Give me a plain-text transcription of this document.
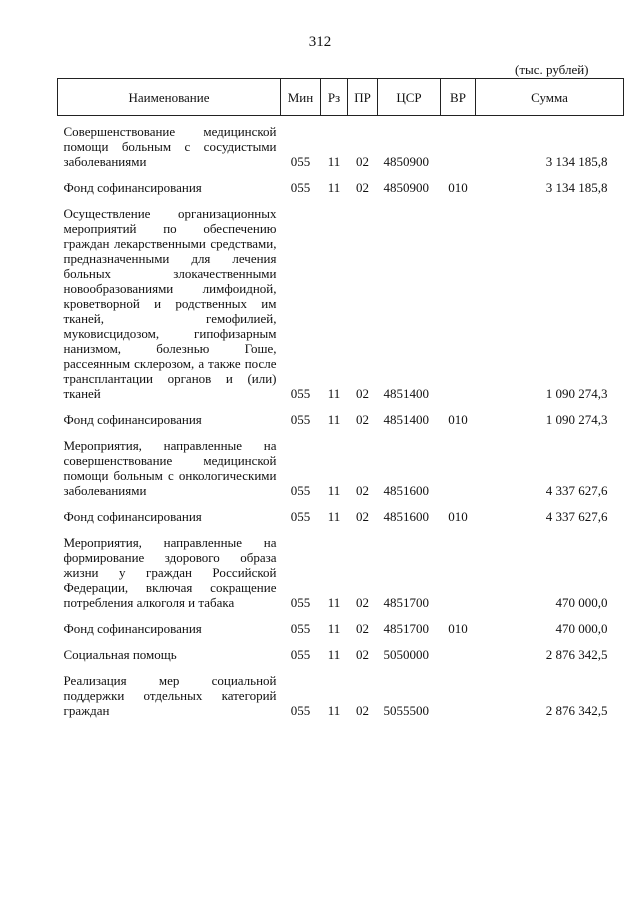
312
(тыс. рублей)
Наименование	Мин	Рз	ПР	ЦСР	ВР	Сумма
Совершенствование медицинской помощи больным с сосудистыми заболеваниями	055	11	02	4850900		3 134 185,8
Фонд софинансирования	055	11	02	4850900	010	3 134 185,8
Осуществление организационных мероприятий по обеспечению граждан лекарственными средствами, предназначенными для лечения больных злокачественными новообразованиями лимфоидной, кроветворной и родственных им тканей, гемофилией, муковисцидозом, гипофизарным нанизмом, болезнью Гоше, рассеянным склерозом, а также после трансплантации органов и (или) тканей	055	11	02	4851400		1 090 274,3
Фонд софинансирования	055	11	02	4851400	010	1 090 274,3
Мероприятия, направленные на совершенствование медицинской помощи больным с онкологическими заболеваниями	055	11	02	4851600		4 337 627,6
Фонд софинансирования	055	11	02	4851600	010	4 337 627,6
Мероприятия, направленные на формирование здорового образа жизни у граждан Российской Федерации, включая сокращение потребления алкоголя и табака	055	11	02	4851700		470 000,0
Фонд софинансирования	055	11	02	4851700	010	470 000,0
Социальная помощь	055	11	02	5050000		2 876 342,5
Реализация мер социальной поддержки отдельных категорий граждан	055	11	02	5055500		2 876 342,5
